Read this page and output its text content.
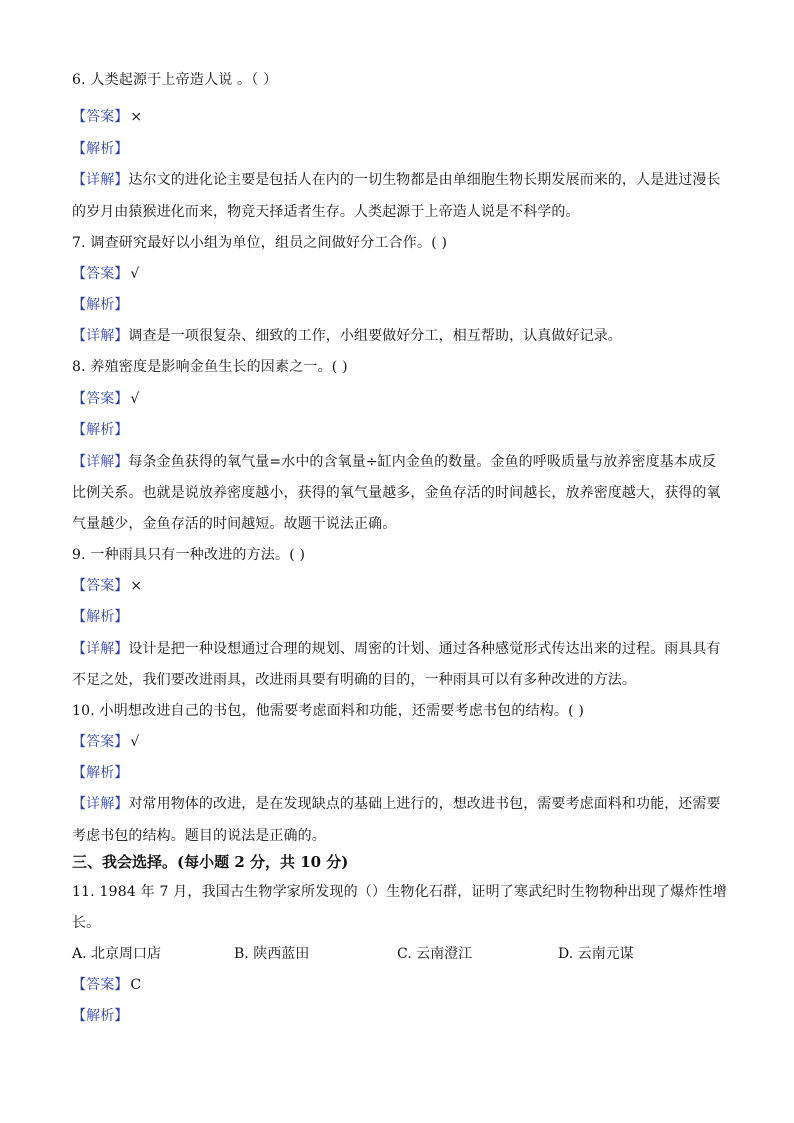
6. 人类起源于上帝造人说 。（ ）
【答案】 ×
【解析】
【详解】达尔文的进化论主要是包括人在内的一切生物都是由单细胞生物长期发展而来的，人是进过漫长
的岁月由猿猴进化而来，物竞天择适者生存。人类起源于上帝造人说是不科学的。
7. 调查研究最好以小组为单位，组员之间做好分工合作。( )
【答案】 √
【解析】
【详解】调查是一项很复杂、细致的工作，小组要做好分工，相互帮助，认真做好记录。
8. 养殖密度是影响金鱼生长的因素之一。( )
【答案】 √
【解析】
【详解】每条金鱼获得的氧气量=水中的含氧量÷缸内金鱼的数量。金鱼的呼吸质量与放养密度基本成反
比例关系。也就是说放养密度越小，获得的氧气量越多，金鱼存活的时间越长，放养密度越大，获得的氧
气量越少，金鱼存活的时间越短。故题干说法正确。
9. 一种雨具只有一种改进的方法。( )
【答案】 ×
【解析】
【详解】设计是把一种设想通过合理的规划、周密的计划、通过各种感觉形式传达出来的过程。雨具具有
不足之处，我们要改进雨具，改进雨具要有明确的目的，一种雨具可以有多种改进的方法。
10. 小明想改进自己的书包，他需要考虑面料和功能，还需要考虑书包的结构。( )
【答案】 √
【解析】
【详解】对常用物体的改进，是在发现缺点的基础上进行的，想改进书包，需要考虑面料和功能，还需要
考虑书包的结构。题目的说法是正确的。
三、我会选择。(每小题 2 分，共 10 分)
11. 1984 年 7 月，我国古生物学家所发现的（）生物化石群，证明了寒武纪时生物物种出现了爆炸性增
长。
A. 北京周口店	B. 陕西蓝田	C. 云南澄江	D. 云南元谋
【答案】 C
【解析】
